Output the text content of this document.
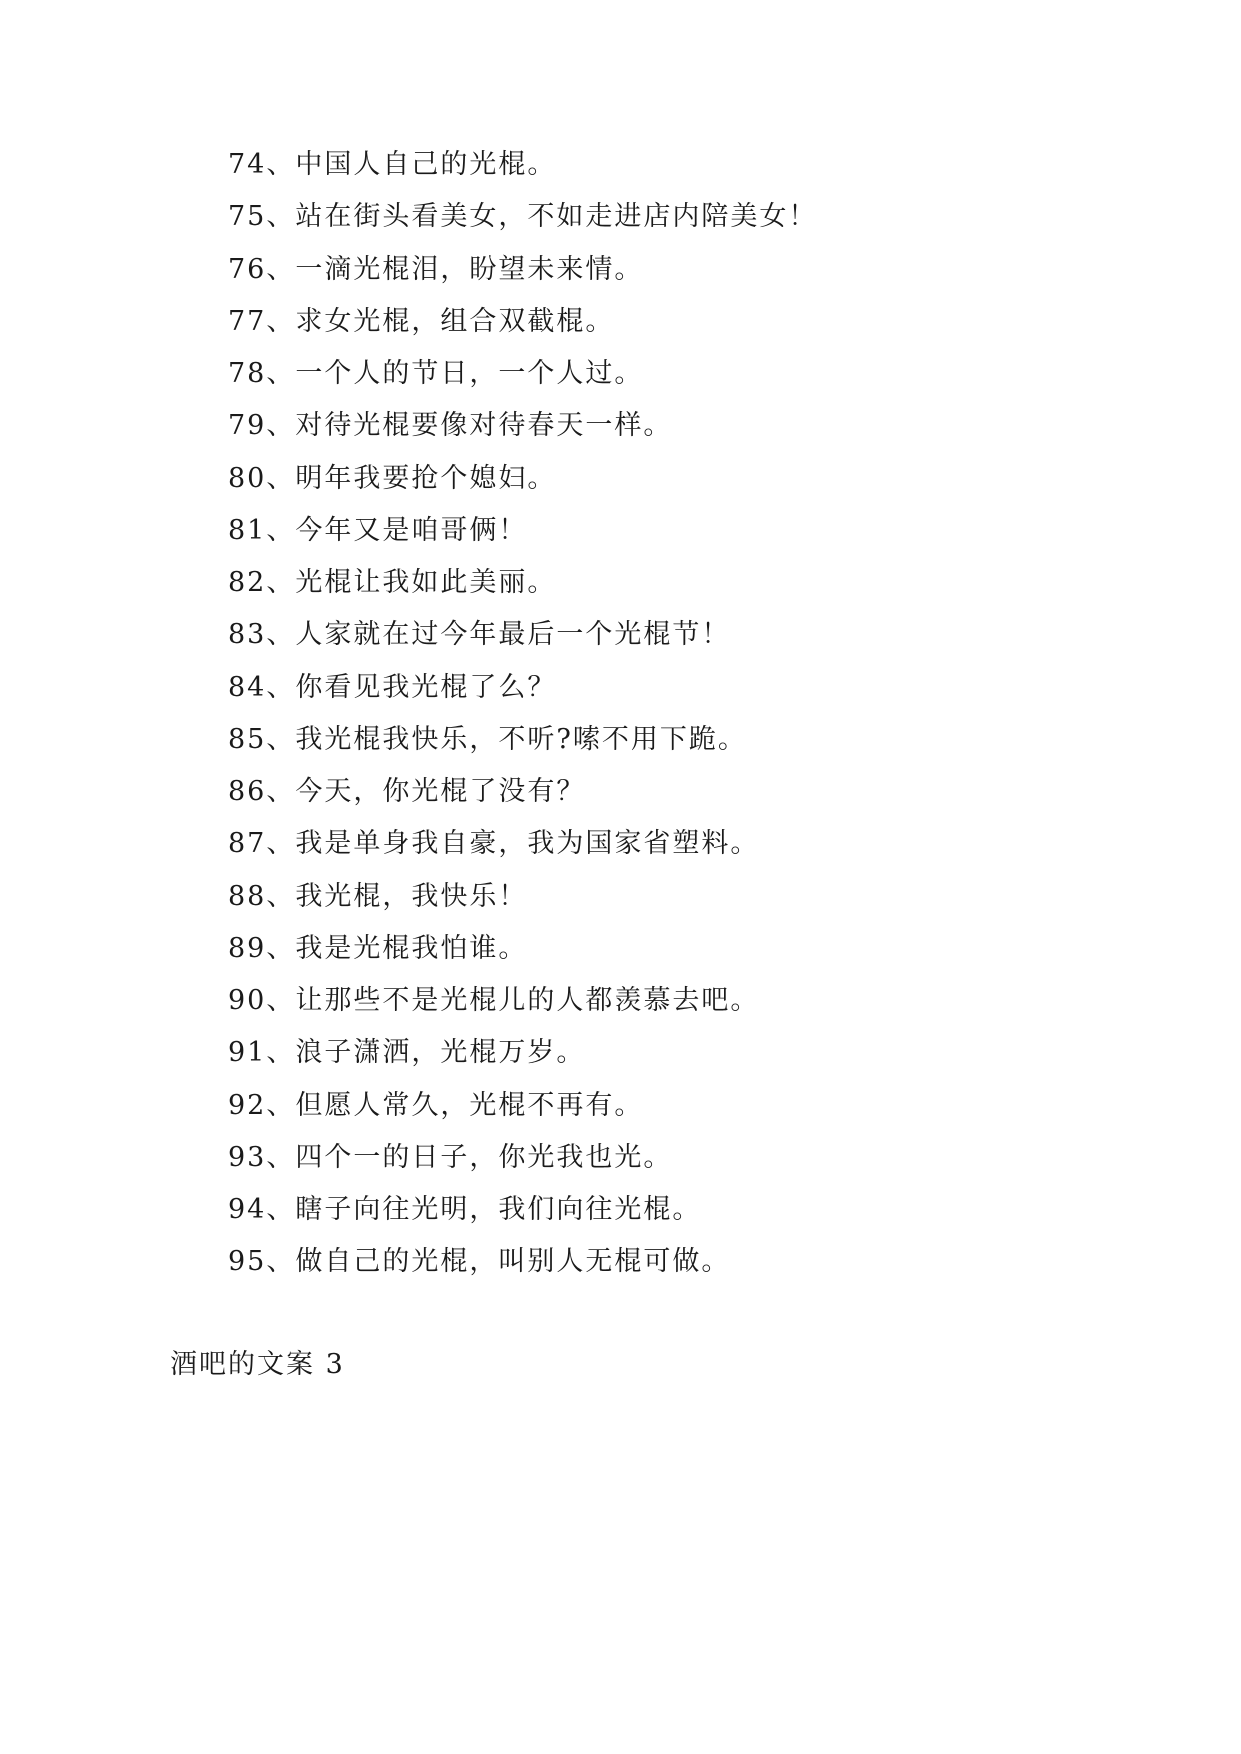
74、中国人自己的光棍。
75、站在街头看美女，不如走进店内陪美女！
76、一滴光棍泪，盼望未来情。
77、求女光棍，组合双截棍。
78、一个人的节日，一个人过。
79、对待光棍要像对待春天一样。
80、明年我要抢个媳妇。
81、今年又是咱哥俩！
82、光棍让我如此美丽。
83、人家就在过今年最后一个光棍节！
84、你看见我光棍了么？
85、我光棍我快乐，不听?嗦不用下跪。
86、今天，你光棍了没有？
87、我是单身我自豪，我为国家省塑料。
88、我光棍，我快乐！
89、我是光棍我怕谁。
90、让那些不是光棍儿的人都羡慕去吧。
91、浪子潇洒，光棍万岁。
92、但愿人常久，光棍不再有。
93、四个一的日子，你光我也光。
94、瞎子向往光明，我们向往光棍。
95、做自己的光棍，叫别人无棍可做。
酒吧的文案 3
